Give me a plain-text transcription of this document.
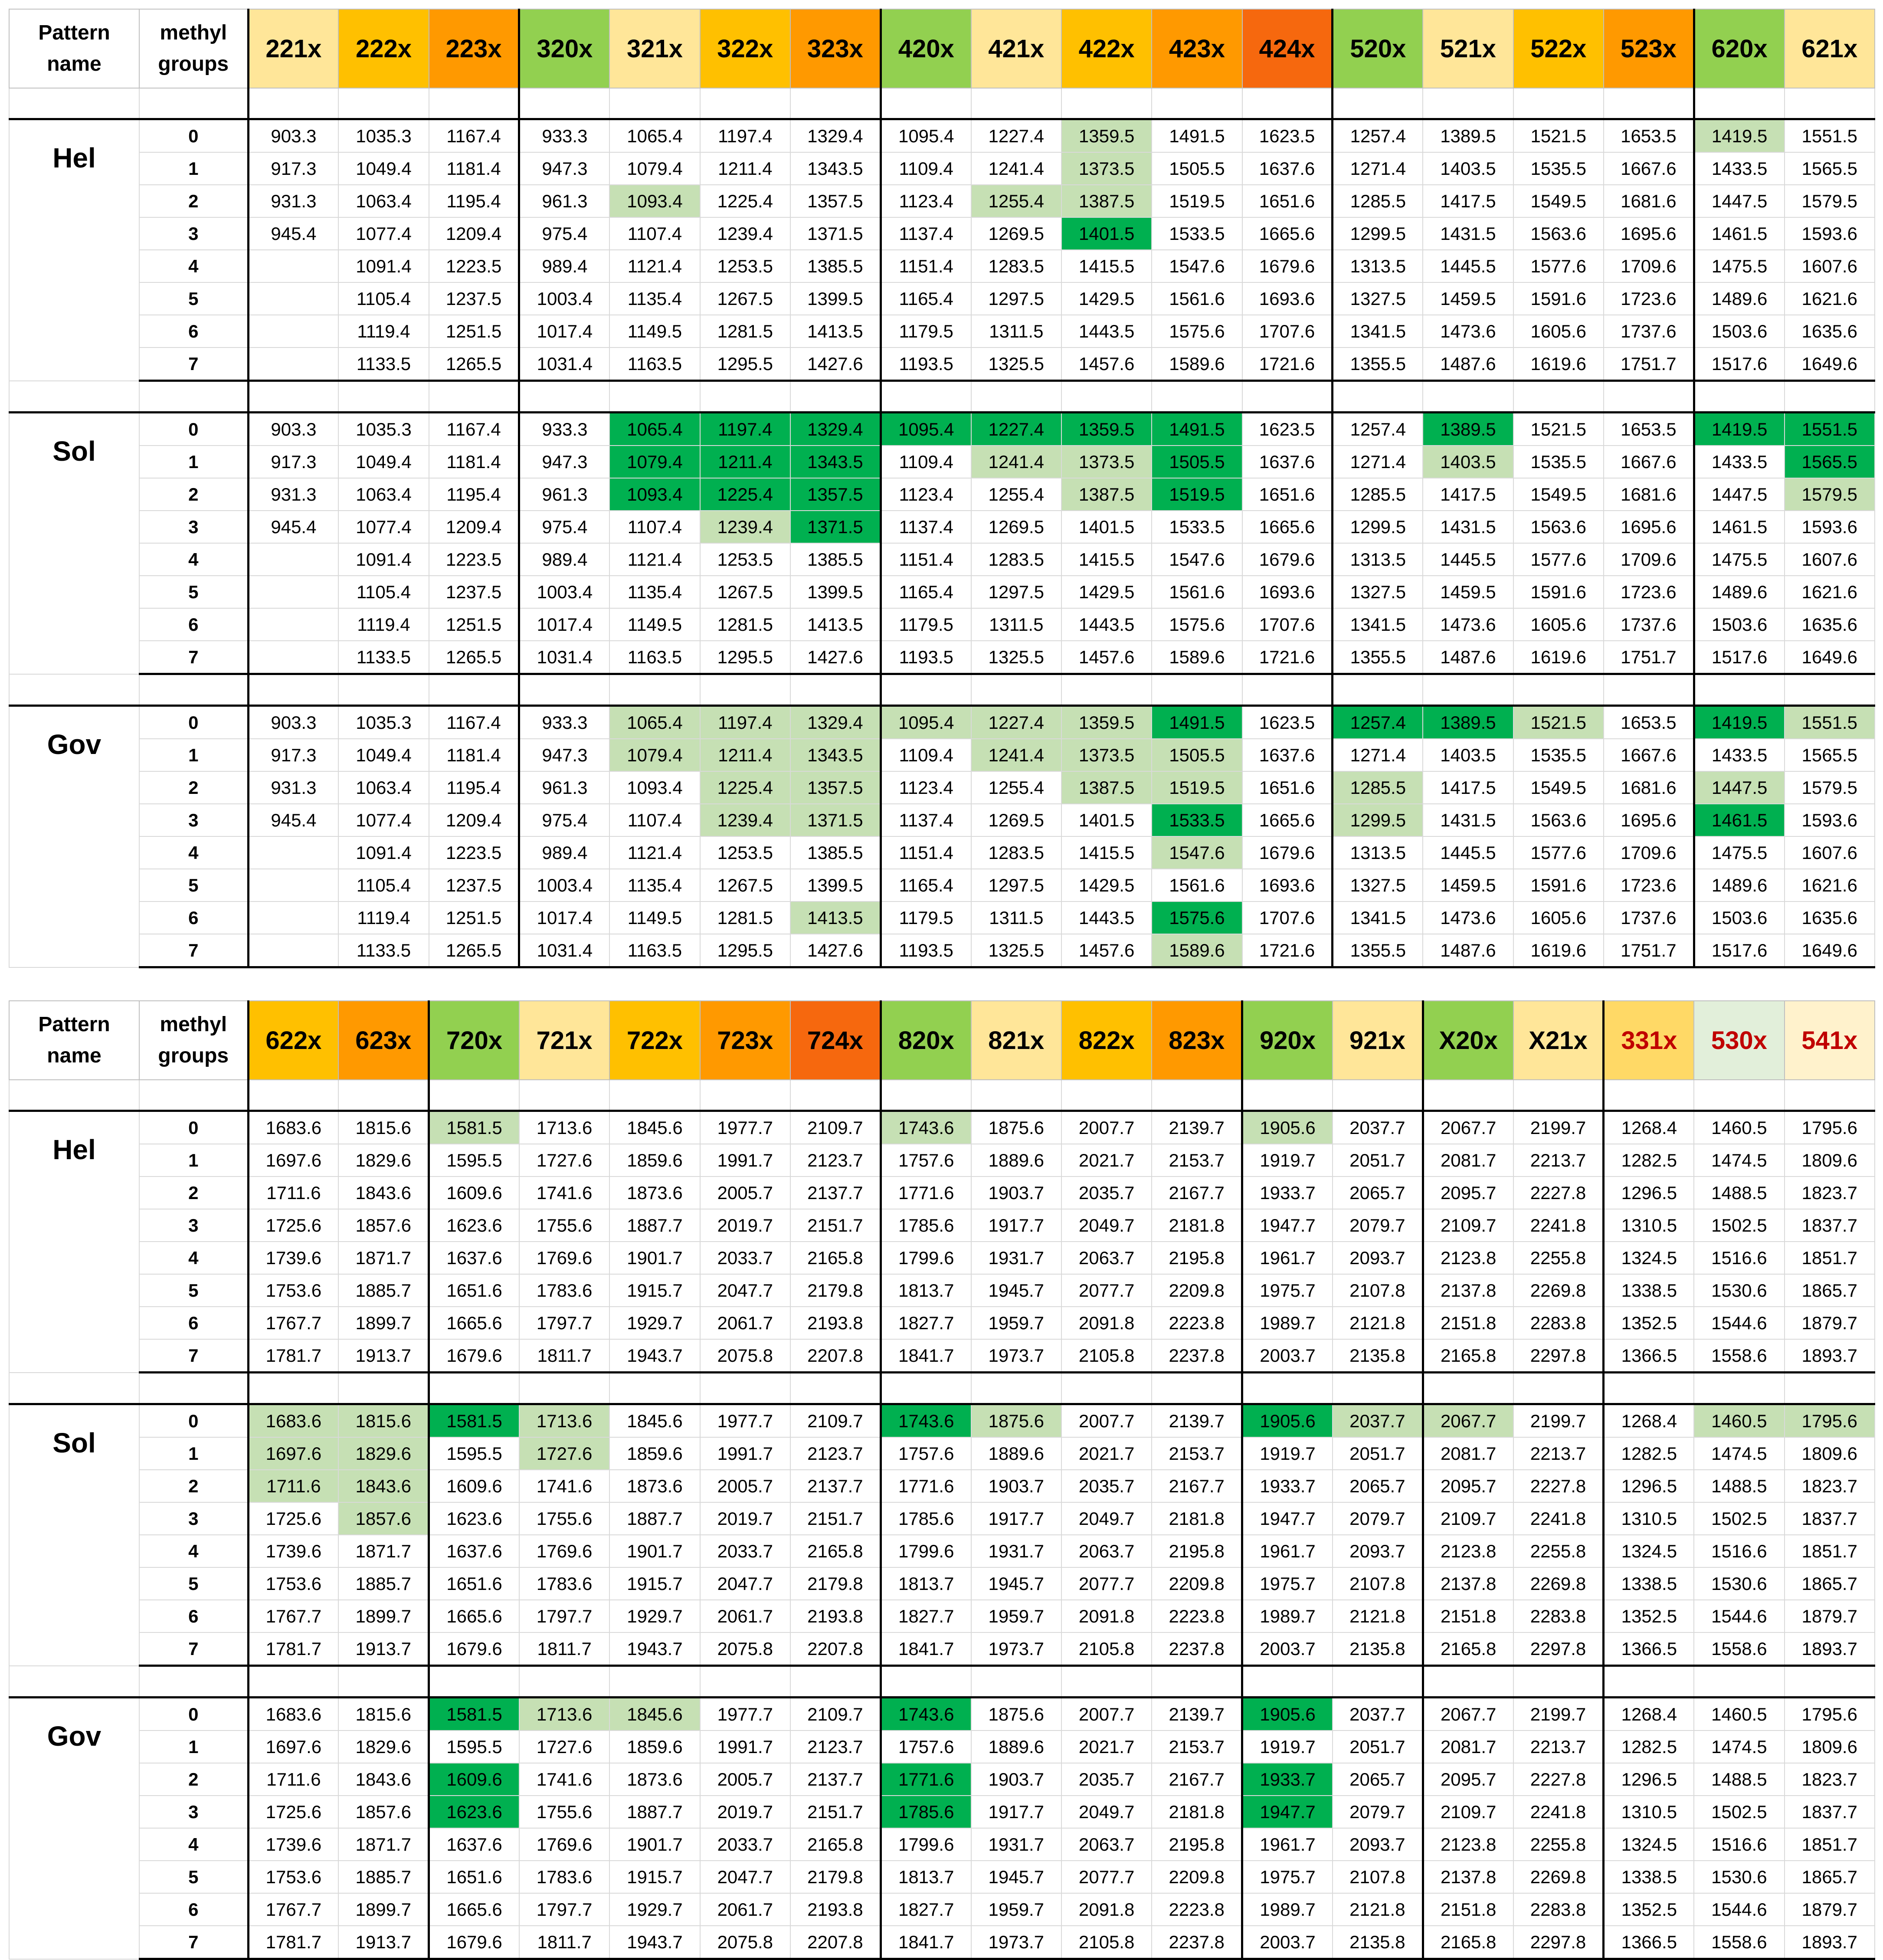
Pattern name	methyl groups	221x	222x	223x	320x	321x	322x	323x	420x	421x	422x	423x	424x	520x	521x	522x	523x	620x	621x

Hel	0	903.3	1035.3	1167.4	933.3	1065.4	1197.4	1329.4	1095.4	1227.4	1359.5	1491.5	1623.5	1257.4	1389.5	1521.5	1653.5	1419.5	1551.5
	1	917.3	1049.4	1181.4	947.3	1079.4	1211.4	1343.5	1109.4	1241.4	1373.5	1505.5	1637.6	1271.4	1403.5	1535.5	1667.6	1433.5	1565.5
	2	931.3	1063.4	1195.4	961.3	1093.4	1225.4	1357.5	1123.4	1255.4	1387.5	1519.5	1651.6	1285.5	1417.5	1549.5	1681.6	1447.5	1579.5
	3	945.4	1077.4	1209.4	975.4	1107.4	1239.4	1371.5	1137.4	1269.5	1401.5	1533.5	1665.6	1299.5	1431.5	1563.6	1695.6	1461.5	1593.6
	4		1091.4	1223.5	989.4	1121.4	1253.5	1385.5	1151.4	1283.5	1415.5	1547.6	1679.6	1313.5	1445.5	1577.6	1709.6	1475.5	1607.6
	5		1105.4	1237.5	1003.4	1135.4	1267.5	1399.5	1165.4	1297.5	1429.5	1561.6	1693.6	1327.5	1459.5	1591.6	1723.6	1489.6	1621.6
	6		1119.4	1251.5	1017.4	1149.5	1281.5	1413.5	1179.5	1311.5	1443.5	1575.6	1707.6	1341.5	1473.6	1605.6	1737.6	1503.6	1635.6
	7		1133.5	1265.5	1031.4	1163.5	1295.5	1427.6	1193.5	1325.5	1457.6	1589.6	1721.6	1355.5	1487.6	1619.6	1751.7	1517.6	1649.6

Sol	0	903.3	1035.3	1167.4	933.3	1065.4	1197.4	1329.4	1095.4	1227.4	1359.5	1491.5	1623.5	1257.4	1389.5	1521.5	1653.5	1419.5	1551.5
	1	917.3	1049.4	1181.4	947.3	1079.4	1211.4	1343.5	1109.4	1241.4	1373.5	1505.5	1637.6	1271.4	1403.5	1535.5	1667.6	1433.5	1565.5
	2	931.3	1063.4	1195.4	961.3	1093.4	1225.4	1357.5	1123.4	1255.4	1387.5	1519.5	1651.6	1285.5	1417.5	1549.5	1681.6	1447.5	1579.5
	3	945.4	1077.4	1209.4	975.4	1107.4	1239.4	1371.5	1137.4	1269.5	1401.5	1533.5	1665.6	1299.5	1431.5	1563.6	1695.6	1461.5	1593.6
	4		1091.4	1223.5	989.4	1121.4	1253.5	1385.5	1151.4	1283.5	1415.5	1547.6	1679.6	1313.5	1445.5	1577.6	1709.6	1475.5	1607.6
	5		1105.4	1237.5	1003.4	1135.4	1267.5	1399.5	1165.4	1297.5	1429.5	1561.6	1693.6	1327.5	1459.5	1591.6	1723.6	1489.6	1621.6
	6		1119.4	1251.5	1017.4	1149.5	1281.5	1413.5	1179.5	1311.5	1443.5	1575.6	1707.6	1341.5	1473.6	1605.6	1737.6	1503.6	1635.6
	7		1133.5	1265.5	1031.4	1163.5	1295.5	1427.6	1193.5	1325.5	1457.6	1589.6	1721.6	1355.5	1487.6	1619.6	1751.7	1517.6	1649.6

Gov	0	903.3	1035.3	1167.4	933.3	1065.4	1197.4	1329.4	1095.4	1227.4	1359.5	1491.5	1623.5	1257.4	1389.5	1521.5	1653.5	1419.5	1551.5
	1	917.3	1049.4	1181.4	947.3	1079.4	1211.4	1343.5	1109.4	1241.4	1373.5	1505.5	1637.6	1271.4	1403.5	1535.5	1667.6	1433.5	1565.5
	2	931.3	1063.4	1195.4	961.3	1093.4	1225.4	1357.5	1123.4	1255.4	1387.5	1519.5	1651.6	1285.5	1417.5	1549.5	1681.6	1447.5	1579.5
	3	945.4	1077.4	1209.4	975.4	1107.4	1239.4	1371.5	1137.4	1269.5	1401.5	1533.5	1665.6	1299.5	1431.5	1563.6	1695.6	1461.5	1593.6
	4		1091.4	1223.5	989.4	1121.4	1253.5	1385.5	1151.4	1283.5	1415.5	1547.6	1679.6	1313.5	1445.5	1577.6	1709.6	1475.5	1607.6
	5		1105.4	1237.5	1003.4	1135.4	1267.5	1399.5	1165.4	1297.5	1429.5	1561.6	1693.6	1327.5	1459.5	1591.6	1723.6	1489.6	1621.6
	6		1119.4	1251.5	1017.4	1149.5	1281.5	1413.5	1179.5	1311.5	1443.5	1575.6	1707.6	1341.5	1473.6	1605.6	1737.6	1503.6	1635.6
	7		1133.5	1265.5	1031.4	1163.5	1295.5	1427.6	1193.5	1325.5	1457.6	1589.6	1721.6	1355.5	1487.6	1619.6	1751.7	1517.6	1649.6
Pattern name	methyl groups	622x	623x	720x	721x	722x	723x	724x	820x	821x	822x	823x	920x	921x	X20x	X21x	331x	530x	541x

Hel	0	1683.6	1815.6	1581.5	1713.6	1845.6	1977.7	2109.7	1743.6	1875.6	2007.7	2139.7	1905.6	2037.7	2067.7	2199.7	1268.4	1460.5	1795.6
	1	1697.6	1829.6	1595.5	1727.6	1859.6	1991.7	2123.7	1757.6	1889.6	2021.7	2153.7	1919.7	2051.7	2081.7	2213.7	1282.5	1474.5	1809.6
	2	1711.6	1843.6	1609.6	1741.6	1873.6	2005.7	2137.7	1771.6	1903.7	2035.7	2167.7	1933.7	2065.7	2095.7	2227.8	1296.5	1488.5	1823.7
	3	1725.6	1857.6	1623.6	1755.6	1887.7	2019.7	2151.7	1785.6	1917.7	2049.7	2181.8	1947.7	2079.7	2109.7	2241.8	1310.5	1502.5	1837.7
	4	1739.6	1871.7	1637.6	1769.6	1901.7	2033.7	2165.8	1799.6	1931.7	2063.7	2195.8	1961.7	2093.7	2123.8	2255.8	1324.5	1516.6	1851.7
	5	1753.6	1885.7	1651.6	1783.6	1915.7	2047.7	2179.8	1813.7	1945.7	2077.7	2209.8	1975.7	2107.8	2137.8	2269.8	1338.5	1530.6	1865.7
	6	1767.7	1899.7	1665.6	1797.7	1929.7	2061.7	2193.8	1827.7	1959.7	2091.8	2223.8	1989.7	2121.8	2151.8	2283.8	1352.5	1544.6	1879.7
	7	1781.7	1913.7	1679.6	1811.7	1943.7	2075.8	2207.8	1841.7	1973.7	2105.8	2237.8	2003.7	2135.8	2165.8	2297.8	1366.5	1558.6	1893.7

Sol	0	1683.6	1815.6	1581.5	1713.6	1845.6	1977.7	2109.7	1743.6	1875.6	2007.7	2139.7	1905.6	2037.7	2067.7	2199.7	1268.4	1460.5	1795.6
	1	1697.6	1829.6	1595.5	1727.6	1859.6	1991.7	2123.7	1757.6	1889.6	2021.7	2153.7	1919.7	2051.7	2081.7	2213.7	1282.5	1474.5	1809.6
	2	1711.6	1843.6	1609.6	1741.6	1873.6	2005.7	2137.7	1771.6	1903.7	2035.7	2167.7	1933.7	2065.7	2095.7	2227.8	1296.5	1488.5	1823.7
	3	1725.6	1857.6	1623.6	1755.6	1887.7	2019.7	2151.7	1785.6	1917.7	2049.7	2181.8	1947.7	2079.7	2109.7	2241.8	1310.5	1502.5	1837.7
	4	1739.6	1871.7	1637.6	1769.6	1901.7	2033.7	2165.8	1799.6	1931.7	2063.7	2195.8	1961.7	2093.7	2123.8	2255.8	1324.5	1516.6	1851.7
	5	1753.6	1885.7	1651.6	1783.6	1915.7	2047.7	2179.8	1813.7	1945.7	2077.7	2209.8	1975.7	2107.8	2137.8	2269.8	1338.5	1530.6	1865.7
	6	1767.7	1899.7	1665.6	1797.7	1929.7	2061.7	2193.8	1827.7	1959.7	2091.8	2223.8	1989.7	2121.8	2151.8	2283.8	1352.5	1544.6	1879.7
	7	1781.7	1913.7	1679.6	1811.7	1943.7	2075.8	2207.8	1841.7	1973.7	2105.8	2237.8	2003.7	2135.8	2165.8	2297.8	1366.5	1558.6	1893.7

Gov	0	1683.6	1815.6	1581.5	1713.6	1845.6	1977.7	2109.7	1743.6	1875.6	2007.7	2139.7	1905.6	2037.7	2067.7	2199.7	1268.4	1460.5	1795.6
	1	1697.6	1829.6	1595.5	1727.6	1859.6	1991.7	2123.7	1757.6	1889.6	2021.7	2153.7	1919.7	2051.7	2081.7	2213.7	1282.5	1474.5	1809.6
	2	1711.6	1843.6	1609.6	1741.6	1873.6	2005.7	2137.7	1771.6	1903.7	2035.7	2167.7	1933.7	2065.7	2095.7	2227.8	1296.5	1488.5	1823.7
	3	1725.6	1857.6	1623.6	1755.6	1887.7	2019.7	2151.7	1785.6	1917.7	2049.7	2181.8	1947.7	2079.7	2109.7	2241.8	1310.5	1502.5	1837.7
	4	1739.6	1871.7	1637.6	1769.6	1901.7	2033.7	2165.8	1799.6	1931.7	2063.7	2195.8	1961.7	2093.7	2123.8	2255.8	1324.5	1516.6	1851.7
	5	1753.6	1885.7	1651.6	1783.6	1915.7	2047.7	2179.8	1813.7	1945.7	2077.7	2209.8	1975.7	2107.8	2137.8	2269.8	1338.5	1530.6	1865.7
	6	1767.7	1899.7	1665.6	1797.7	1929.7	2061.7	2193.8	1827.7	1959.7	2091.8	2223.8	1989.7	2121.8	2151.8	2283.8	1352.5	1544.6	1879.7
	7	1781.7	1913.7	1679.6	1811.7	1943.7	2075.8	2207.8	1841.7	1973.7	2105.8	2237.8	2003.7	2135.8	2165.8	2297.8	1366.5	1558.6	1893.7
